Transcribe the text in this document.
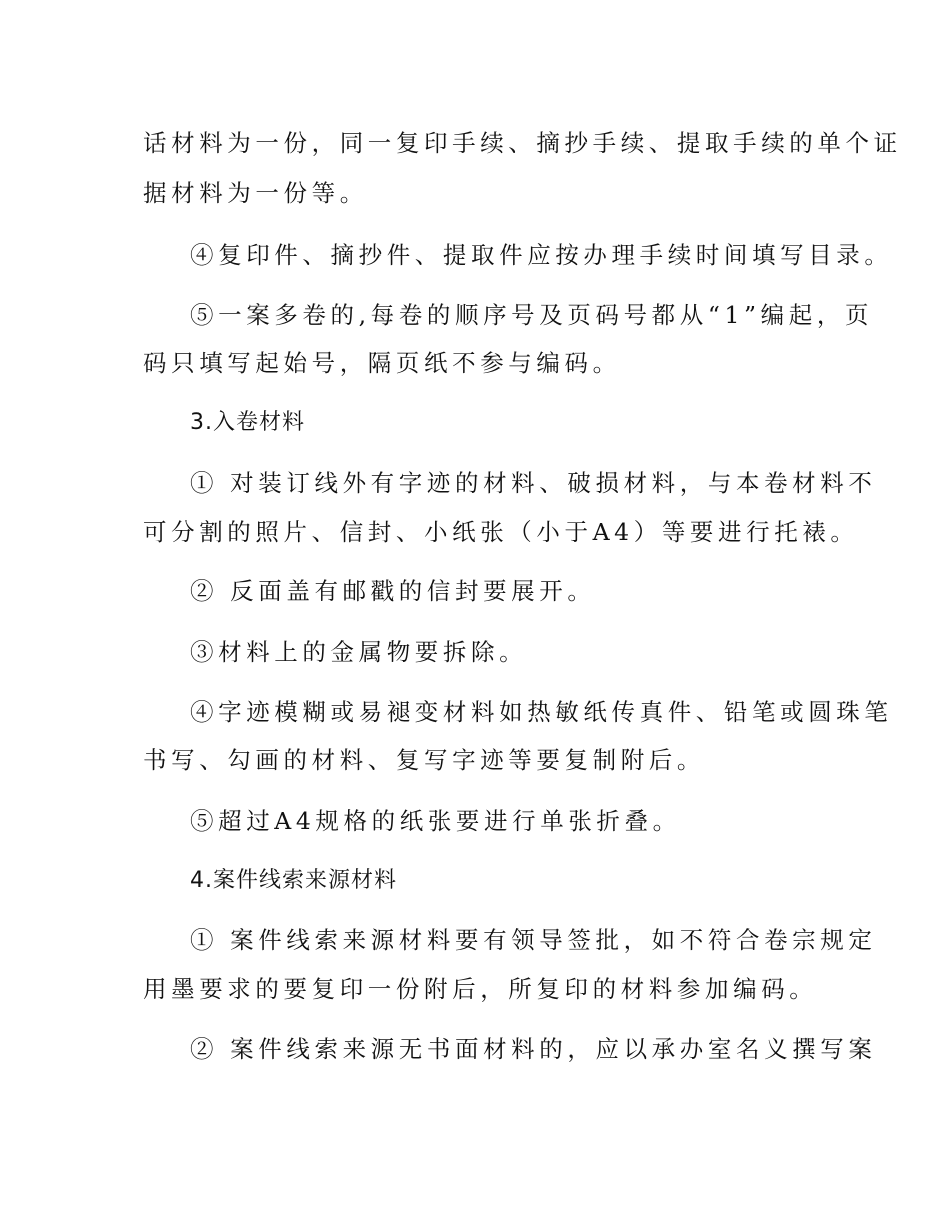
话材料为一份，同一复印手续、摘抄手续、提取手续的单个证
据材料为一份等。
④复印件、摘抄件、提取件应按办理手续时间填写目录。
⑤一案多卷的,每卷的顺序号及页码号都从“1”编起，页
码只填写起始号，隔页纸不参与编码。
3.入卷材料
① 对装订线外有字迹的材料、破损材料，与本卷材料不
可分割的照片、信封、小纸张（小于A4）等要进行托裱。
② 反面盖有邮戳的信封要展开。
③材料上的金属物要拆除。
④字迹模糊或易褪变材料如热敏纸传真件、铅笔或圆珠笔
书写、勾画的材料、复写字迹等要复制附后。
⑤超过A4规格的纸张要进行单张折叠。
4.案件线索来源材料
① 案件线索来源材料要有领导签批，如不符合卷宗规定
用墨要求的要复印一份附后，所复印的材料参加编码。
② 案件线索来源无书面材料的，应以承办室名义撰写案
